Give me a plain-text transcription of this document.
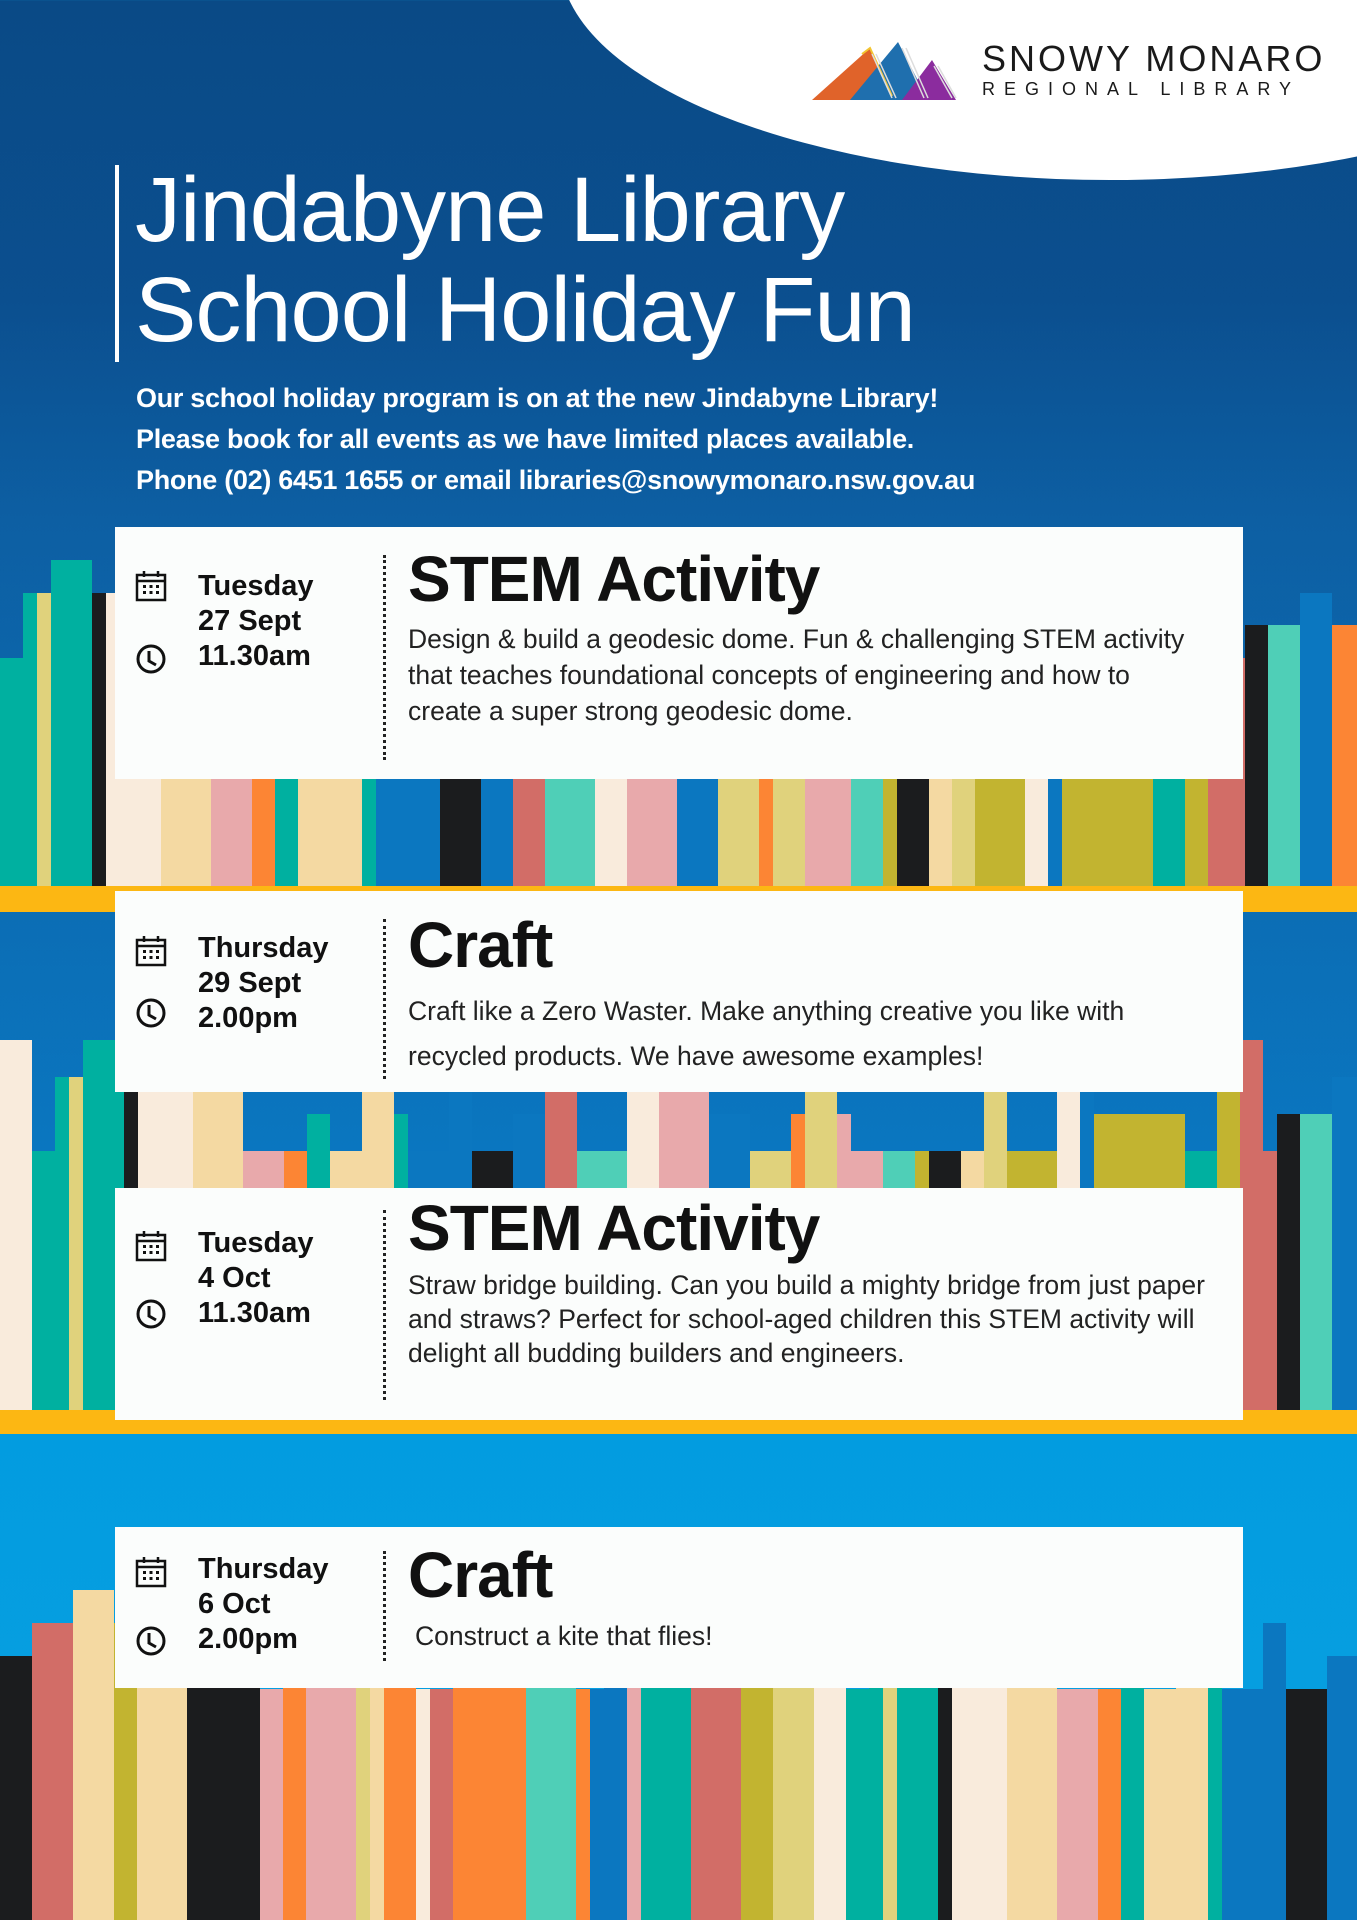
SNOWY MONARO
REGIONAL LIBRARY
Jindabyne Library
School Holiday Fun
Our school holiday program is on at the new Jindabyne Library!
Please book for all events as we have limited places available.
Phone (02) 6451 1655 or email libraries@snowymonaro.nsw.gov.au
Tuesday
27 Sept
11.30am
STEM Activity
Design & build a geodesic dome. Fun & challenging STEM activity that teaches foundational concepts of engineering and how to create a super strong geodesic dome.
Thursday
29 Sept
2.00pm
Craft
Craft like a Zero Waster. Make anything creative you like with recycled products. We have awesome examples!
Tuesday
4 Oct
11.30am
STEM Activity
Straw bridge building. Can you build a mighty bridge from just paper and straws? Perfect for school-aged children this STEM activity will delight all budding builders and engineers.
Thursday
6 Oct
2.00pm
Craft
Construct a kite that flies!
